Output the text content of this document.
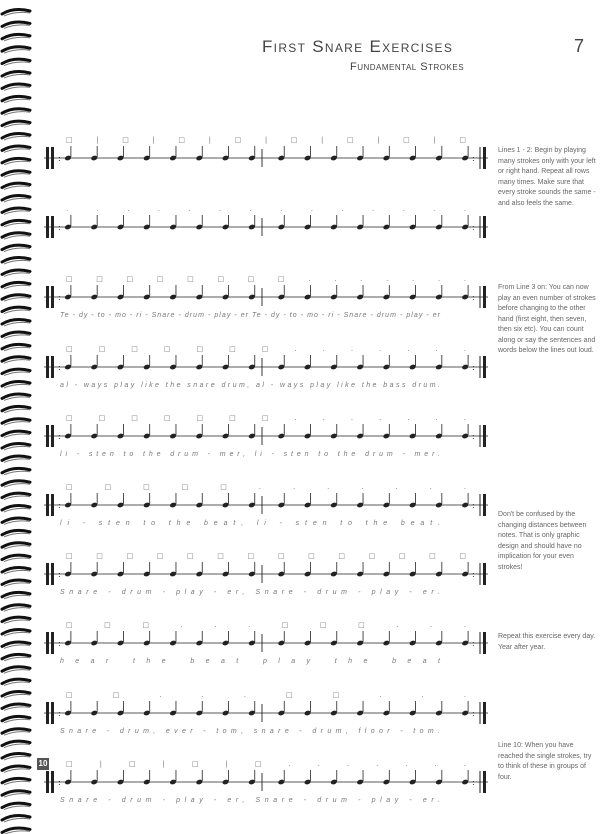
First Snare Exercises
Fundamental Strokes
7
:	:
□|□|□|□|□|□|□|□
:	:
..............
:	:
□□□□□□□□.......
Te - dy - to - mo - ri - Snare - drum - play - er Te - dy - to - mo - ri - Snare - drum - play - er
:	:
□□□□□□□.......
al - ways play like the snare drum, al - ways play like the bass drum.
:	:
□□□□□□□.......
li - sten to the drum - mer, li - sten to the drum - mer.
:	:
□□□□□.......
li - sten to the beat, li - sten to the beat.
:	:
□□□□□□□□□□□□□□
Snare - drum - play - er, Snare - drum - play - er.
:	:
□□□...□□□...
hear the beat play the beat
:	:
□□...□□...
Snare - drum, ever - tom, snare - drum, floor - tom.
:	:
□|□|□|□.......
Snare - drum - play - er, Snare - drum - play - er.
10
Lines 1 - 2: Begin by playing many strokes only with your left or right hand. Repeat all rows many times. Make sure that every stroke sounds the same - and also feels the same.
From Line 3 on: You can now play an even number of strokes before changing to the other hand (first eight, then seven, then six etc). You can count along or say the sentences and words below the lines out loud.
Don't be confused by the changing distances between notes. That is only graphic design and should have no implication for your even strokes!
Repeat this exercise every day. Year after year.
Line 10: When you have reached the single strokes, try to think of these in groups of four.
